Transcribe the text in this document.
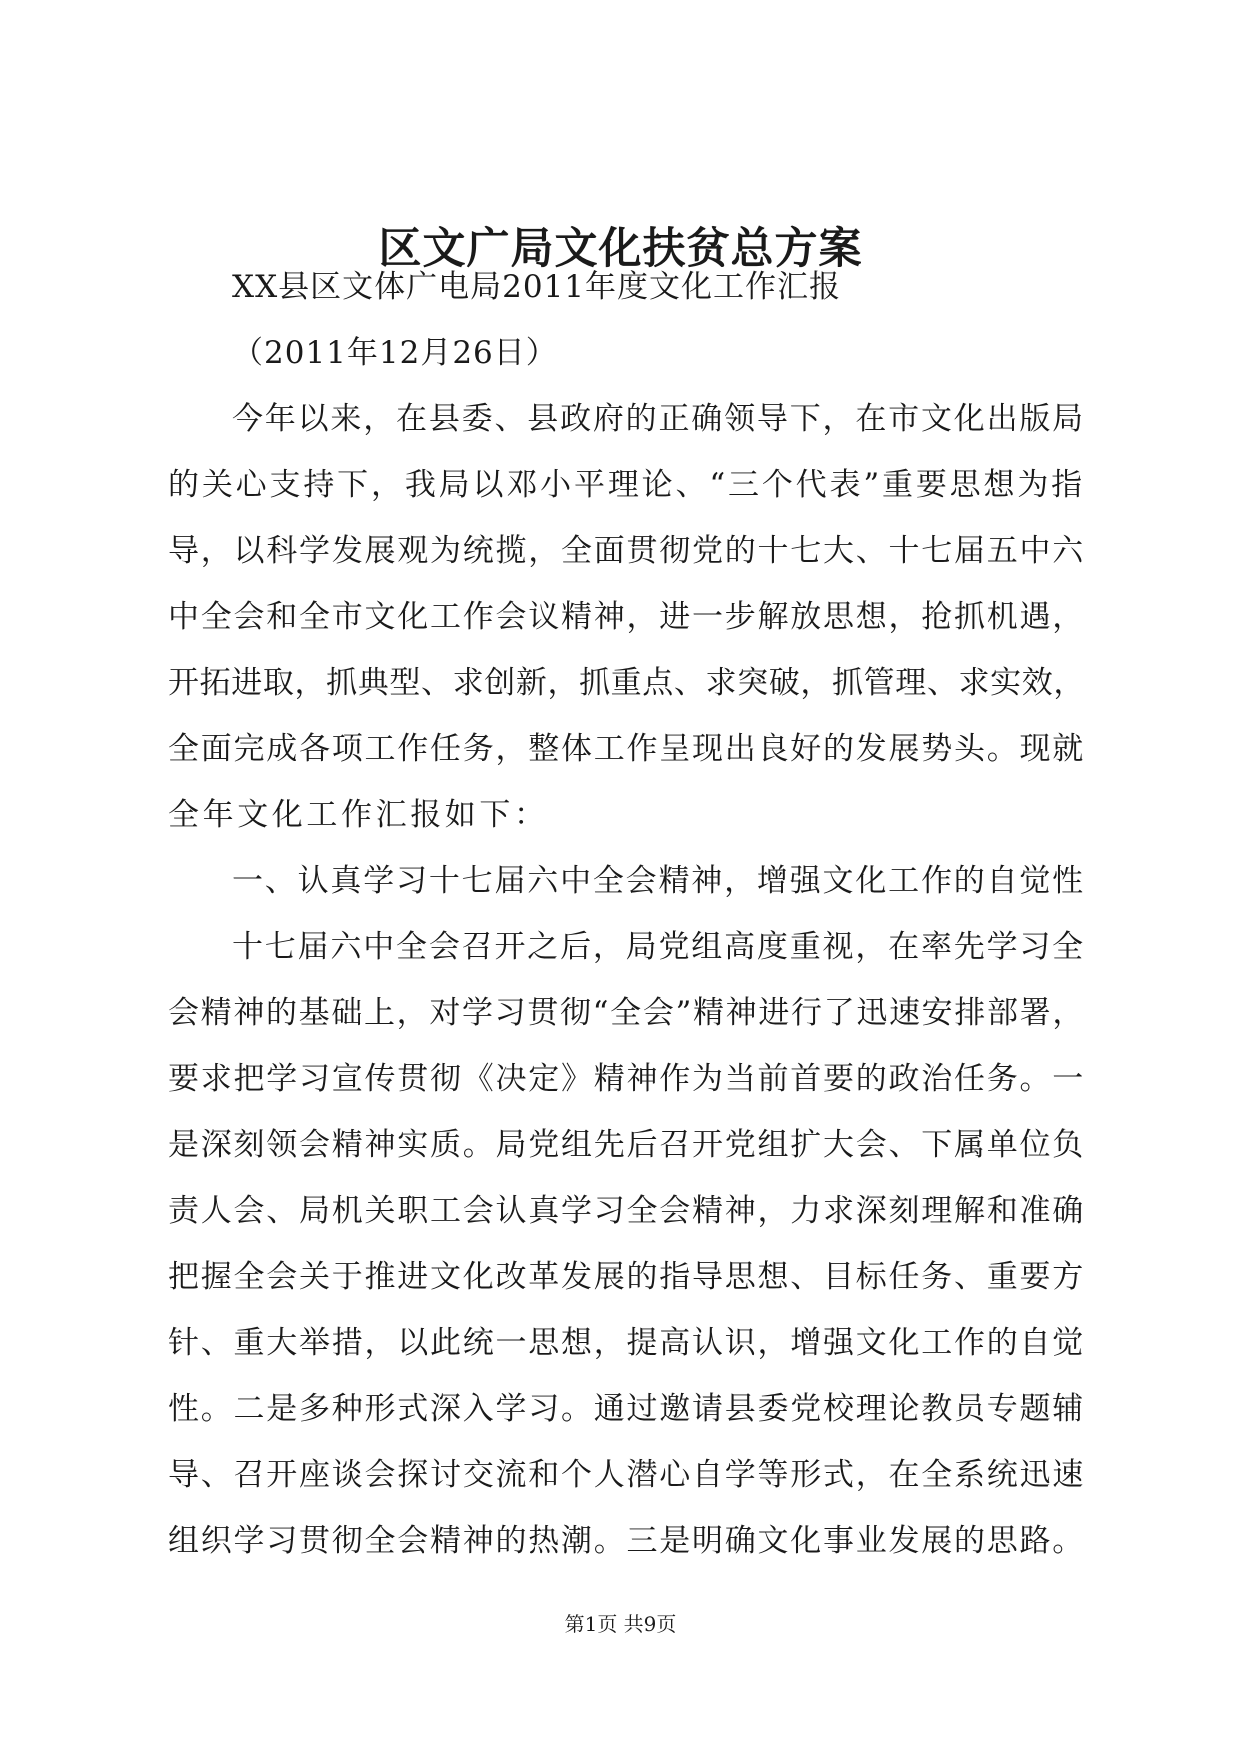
区文广局文化扶贫总方案
XX县区文体广电局2011年度文化工作汇报
（2011年12月26日）
今年以来，在县委、县政府的正确领导下，在市文化出版局
的关心支持下，我局以邓小平理论、“三个代表”重要思想为指
导，以科学发展观为统揽，全面贯彻党的十七大、十七届五中六
中全会和全市文化工作会议精神，进一步解放思想，抢抓机遇，
开拓进取，抓典型、求创新，抓重点、求突破，抓管理、求实效，
全面完成各项工作任务，整体工作呈现出良好的发展势头。现就
全年文化工作汇报如下：
一、认真学习十七届六中全会精神，增强文化工作的自觉性
十七届六中全会召开之后，局党组高度重视，在率先学习全
会精神的基础上，对学习贯彻“全会”精神进行了迅速安排部署，
要求把学习宣传贯彻《决定》精神作为当前首要的政治任务。一
是深刻领会精神实质。局党组先后召开党组扩大会、下属单位负
责人会、局机关职工会认真学习全会精神，力求深刻理解和准确
把握全会关于推进文化改革发展的指导思想、目标任务、重要方
针、重大举措，以此统一思想，提高认识，增强文化工作的自觉
性。二是多种形式深入学习。通过邀请县委党校理论教员专题辅
导、召开座谈会探讨交流和个人潜心自学等形式，在全系统迅速
组织学习贯彻全会精神的热潮。三是明确文化事业发展的思路。
第1页 共9页
